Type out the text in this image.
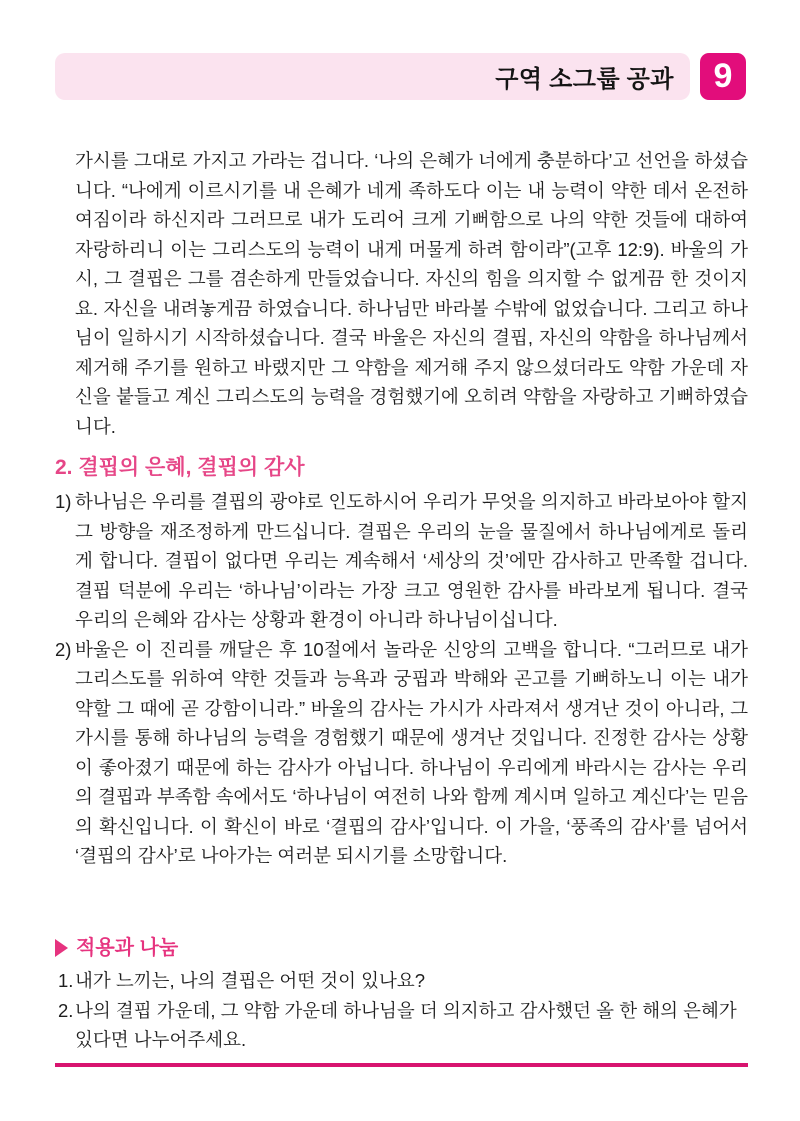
구역 소그룹 공과	9
가시를 그대로 가지고 가라는 겁니다. ‘나의 은혜가 너에게 충분하다’고 선언을 하셨습니다. “나에게 이르시기를 내 은혜가 네게 족하도다 이는 내 능력이 약한 데서 온전하여짐이라 하신지라 그러므로 내가 도리어 크게 기뻐함으로 나의 약한 것들에 대하여 자랑하리니 이는 그리스도의 능력이 내게 머물게 하려 함이라”(고후 12:9). 바울의 가시, 그 결핍은 그를 겸손하게 만들었습니다. 자신의 힘을 의지할 수 없게끔 한 것이지요. 자신을 내려놓게끔 하였습니다. 하나님만 바라볼 수밖에 없었습니다. 그리고 하나님이 일하시기 시작하셨습니다. 결국 바울은 자신의 결핍, 자신의 약함을 하나님께서 제거해 주기를 원하고 바랬지만 그 약함을 제거해 주지 않으셨더라도 약함 가운데 자신을 붙들고 계신 그리스도의 능력을 경험했기에 오히려 약함을 자랑하고 기뻐하였습니다.
2. 결핍의 은혜, 결핍의 감사
1) 하나님은 우리를 결핍의 광야로 인도하시어 우리가 무엇을 의지하고 바라보아야 할지 그 방향을 재조정하게 만드십니다. 결핍은 우리의 눈을 물질에서 하나님에게로 돌리게 합니다. 결핍이 없다면 우리는 계속해서 ‘세상의 것’에만 감사하고 만족할 겁니다. 결핍 덕분에 우리는 ‘하나님’이라는 가장 크고 영원한 감사를 바라보게 됩니다. 결국 우리의 은혜와 감사는 상황과 환경이 아니라 하나님이십니다.
2) 바울은 이 진리를 깨달은 후 10절에서 놀라운 신앙의 고백을 합니다. “그러므로 내가 그리스도를 위하여 약한 것들과 능욕과 궁핍과 박해와 곤고를 기뻐하노니 이는 내가 약할 그 때에 곧 강함이니라.” 바울의 감사는 가시가 사라져서 생겨난 것이 아니라, 그 가시를 통해 하나님의 능력을 경험했기 때문에 생겨난 것입니다. 진정한 감사는 상황이 좋아졌기 때문에 하는 감사가 아닙니다. 하나님이 우리에게 바라시는 감사는 우리의 결핍과 부족함 속에서도 ‘하나님이 여전히 나와 함께 계시며 일하고 계신다’는 믿음의 확신입니다. 이 확신이 바로 ‘결핍의 감사’입니다. 이 가을, ‘풍족의 감사’를 넘어서 ‘결핍의 감사’로 나아가는 여러분 되시기를 소망합니다.
적용과 나눔
1. 내가 느끼는, 나의 결핍은 어떤 것이 있나요?
2. 나의 결핍 가운데, 그 약함 가운데 하나님을 더 의지하고 감사했던 올 한 해의 은혜가 있다면 나누어주세요.
